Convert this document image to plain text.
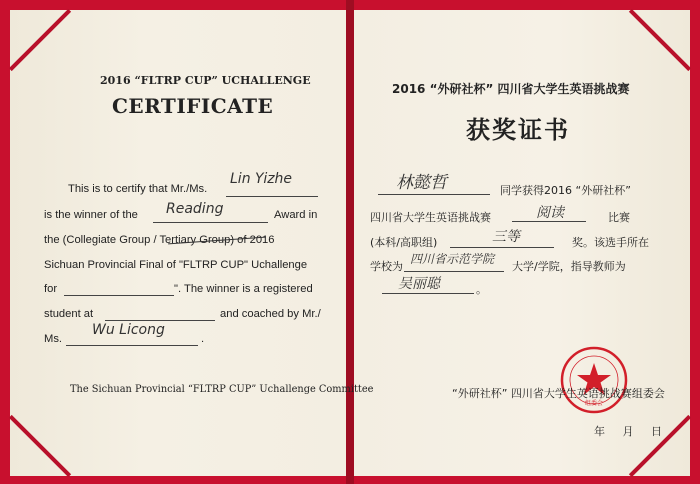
2016 “FLTRP CUP” UCHALLENGE
CERTIFICATE
This is to certify that Mr./Ms.
Lin Yizhe
is the winner of the Reading	Award in
the (Collegiate Group / Tertiary Group) of 2016
Sichuan Provincial Final of "FLTRP CUP" Uchallenge
for	". The winner is a registered
student at	and coached by Mr./
Ms.
Wu Licong
.
The Sichuan Provincial “FLTRP CUP” Uchallenge Committee
2016 “外研社杯” 四川省大学生英语挑战赛
获奖证书
林懿哲	同学获得2016 “外研社杯”
四川省大学生英语挑战赛	阅读	比赛
(本科/高职组)	三等	奖。该选手所在
学校为
四川省示范学院
大学/学院，指导教师为
吴丽聪	。
组委会
“外研社杯” 四川省大学生英语挑战赛组委会
年 月 日
